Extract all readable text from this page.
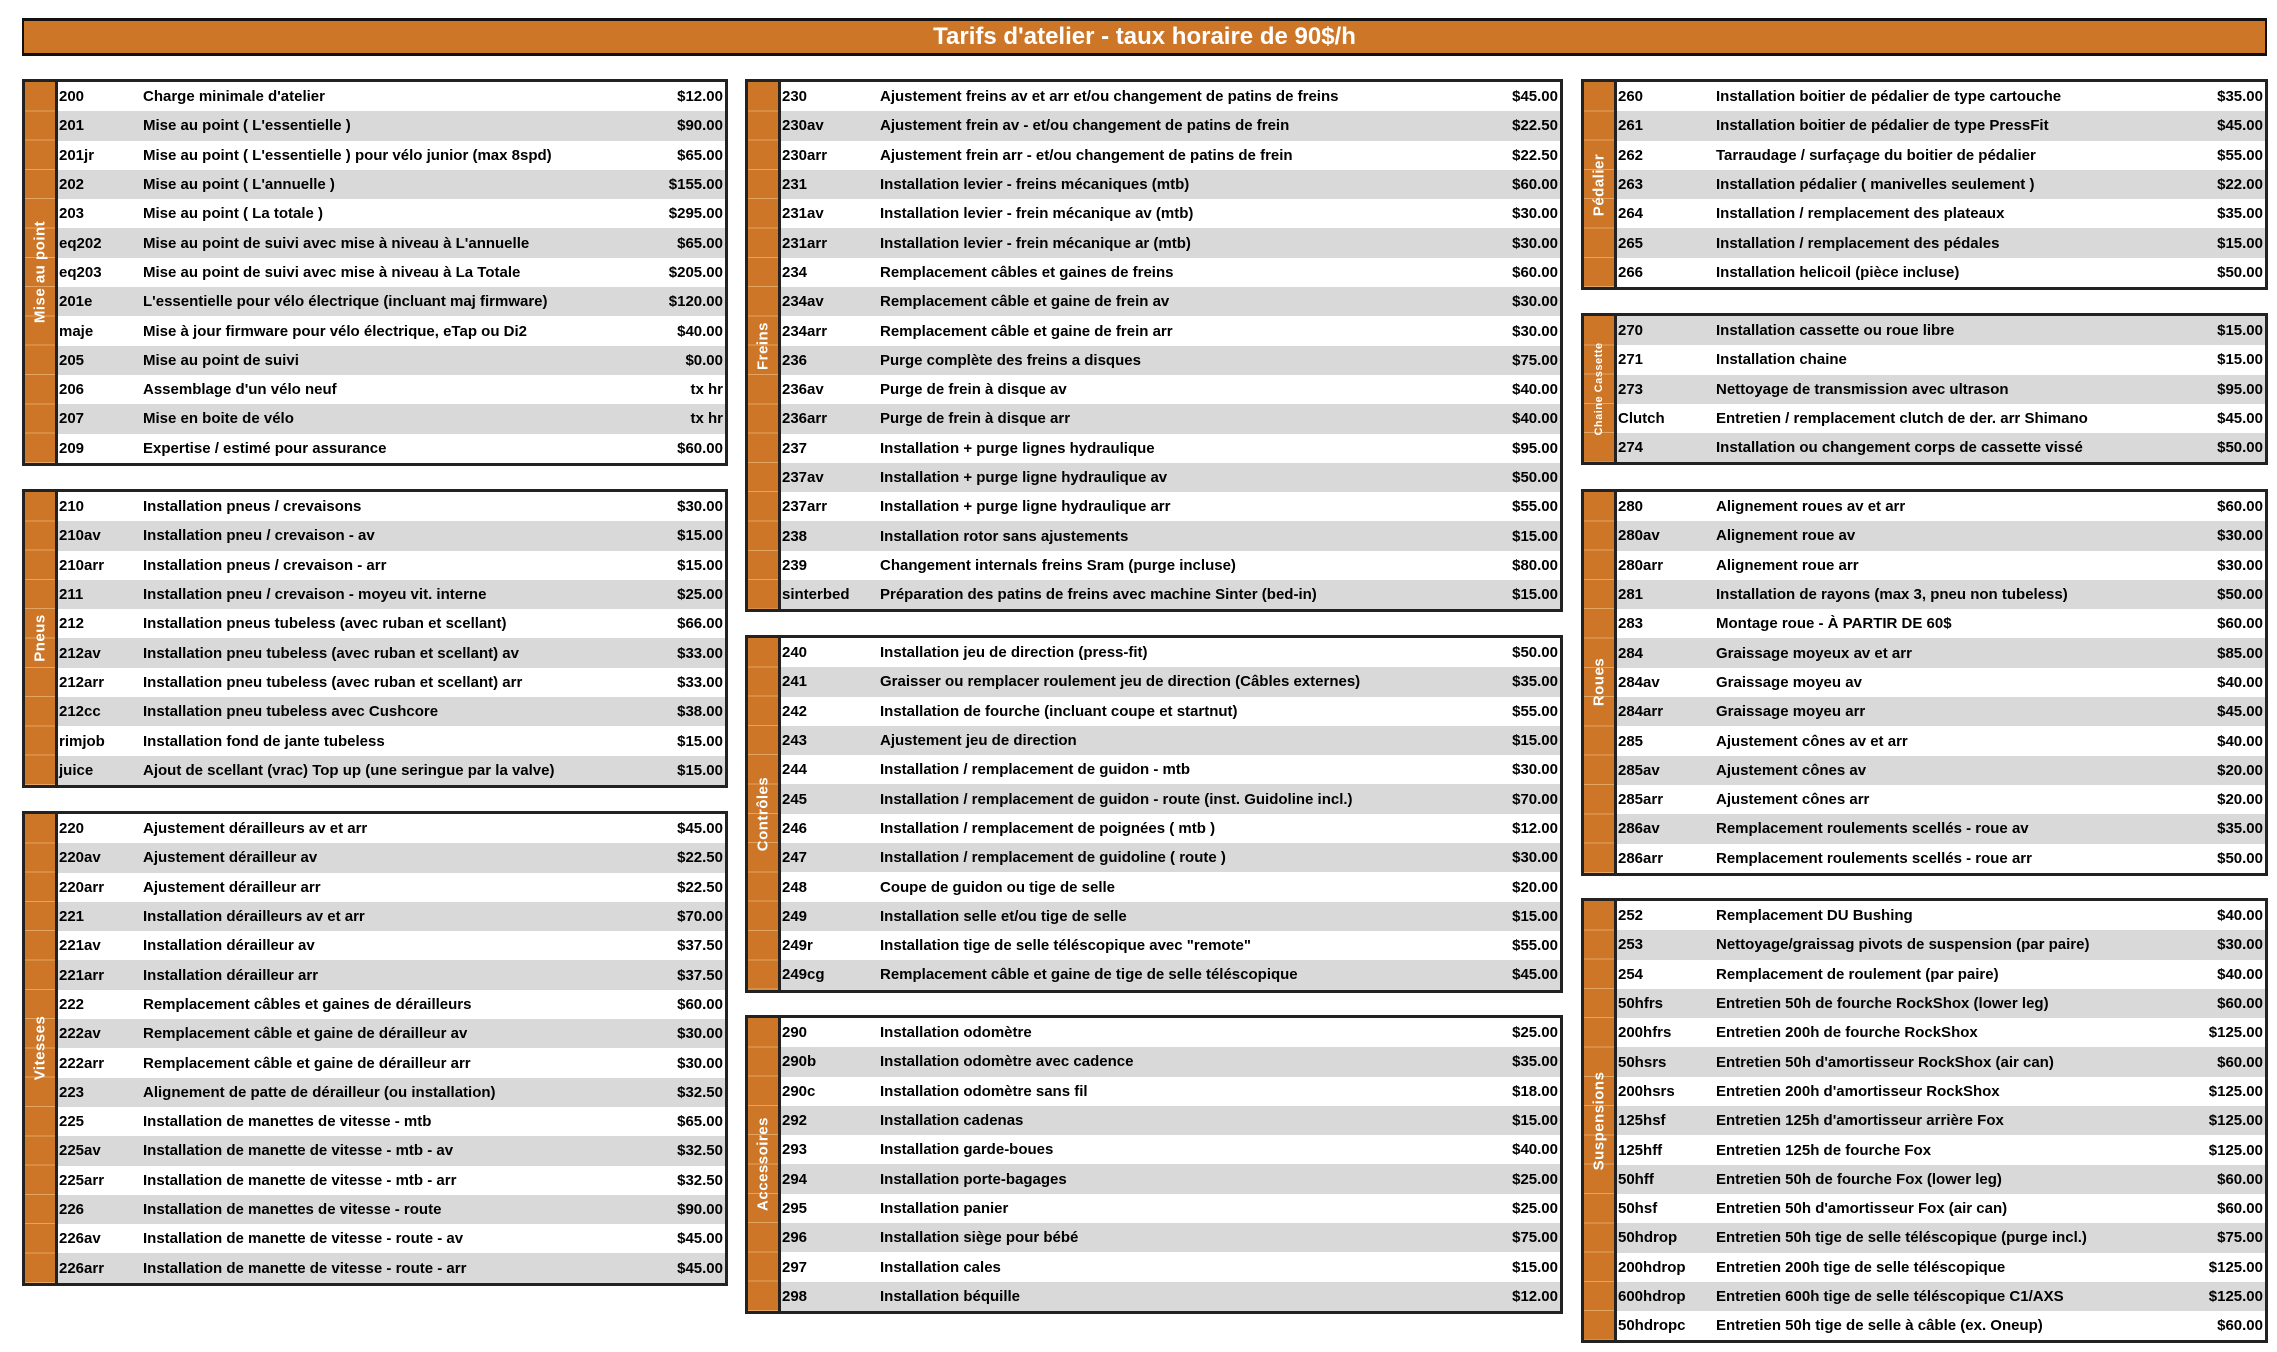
Tarifs d'atelier - taux horaire de 90$/h
Mise au point
200	Charge minimale d'atelier	$12.00
201	Mise au point ( L'essentielle )	$90.00
201jr	Mise au point ( L'essentielle ) pour vélo junior (max 8spd)	$65.00
202	Mise au point ( L'annuelle )	$155.00
203	Mise au point ( La totale )	$295.00
eq202	Mise au point de suivi avec mise à niveau à L'annuelle	$65.00
eq203	Mise au point de suivi avec mise à niveau à La Totale	$205.00
201e	L'essentielle pour vélo électrique (incluant maj firmware)	$120.00
maje	Mise à jour firmware pour vélo électrique, eTap ou Di2	$40.00
205	Mise au point de suivi	$0.00
206	Assemblage d'un vélo neuf	tx hr
207	Mise en boite de vélo	tx hr
209	Expertise / estimé pour assurance	$60.00
Pneus
210	Installation pneus / crevaisons	$30.00
210av	Installation pneu / crevaison - av	$15.00
210arr	Installation pneus / crevaison - arr	$15.00
211	Installation pneu / crevaison - moyeu vit. interne	$25.00
212	Installation pneus tubeless (avec ruban et scellant)	$66.00
212av	Installation pneu tubeless (avec ruban et scellant) av	$33.00
212arr	Installation pneu tubeless (avec ruban et scellant) arr	$33.00
212cc	Installation pneu tubeless avec Cushcore	$38.00
rimjob	Installation fond de jante tubeless	$15.00
juice	Ajout de scellant (vrac) Top up (une seringue par la valve)	$15.00
Vitesses
220	Ajustement dérailleurs av et arr	$45.00
220av	Ajustement dérailleur av	$22.50
220arr	Ajustement dérailleur arr	$22.50
221	Installation dérailleurs av et arr	$70.00
221av	Installation dérailleur av	$37.50
221arr	Installation dérailleur arr	$37.50
222	Remplacement câbles et gaines de dérailleurs	$60.00
222av	Remplacement câble et gaine de dérailleur av	$30.00
222arr	Remplacement câble et gaine de dérailleur arr	$30.00
223	Alignement de patte de dérailleur (ou installation)	$32.50
225	Installation de manettes de vitesse - mtb	$65.00
225av	Installation de manette de vitesse - mtb - av	$32.50
225arr	Installation de manette de vitesse - mtb - arr	$32.50
226	Installation de manettes de vitesse - route	$90.00
226av	Installation de manette de vitesse - route - av	$45.00
226arr	Installation de manette de vitesse - route - arr	$45.00
Freins
230	Ajustement freins av et arr et/ou changement de patins de freins	$45.00
230av	Ajustement frein av - et/ou changement de patins de frein	$22.50
230arr	Ajustement frein arr - et/ou changement de patins de frein	$22.50
231	Installation levier - freins mécaniques (mtb)	$60.00
231av	Installation levier - frein mécanique av (mtb)	$30.00
231arr	Installation levier - frein mécanique ar (mtb)	$30.00
234	Remplacement câbles et gaines de freins	$60.00
234av	Remplacement câble et gaine de frein av	$30.00
234arr	Remplacement câble et gaine de frein arr	$30.00
236	Purge complète des freins a disques	$75.00
236av	Purge de frein à disque av	$40.00
236arr	Purge de frein à disque arr	$40.00
237	Installation + purge lignes hydraulique	$95.00
237av	Installation + purge ligne hydraulique av	$50.00
237arr	Installation + purge ligne hydraulique arr	$55.00
238	Installation rotor sans ajustements	$15.00
239	Changement internals freins Sram (purge incluse)	$80.00
sinterbed	Préparation des patins de freins avec machine Sinter (bed-in)	$15.00
Contrôles
240	Installation jeu de direction (press-fit)	$50.00
241	Graisser ou remplacer roulement jeu de direction (Câbles externes)	$35.00
242	Installation de fourche (incluant coupe et startnut)	$55.00
243	Ajustement jeu de direction	$15.00
244	Installation / remplacement de guidon - mtb	$30.00
245	Installation / remplacement de guidon - route (inst. Guidoline incl.)	$70.00
246	Installation / remplacement de poignées ( mtb )	$12.00
247	Installation / remplacement de guidoline ( route )	$30.00
248	Coupe de guidon ou tige de selle	$20.00
249	Installation selle et/ou tige de selle	$15.00
249r	Installation tige de selle téléscopique avec "remote"	$55.00
249cg	Remplacement câble et gaine de tige de selle téléscopique	$45.00
Accessoires
290	Installation odomètre	$25.00
290b	Installation odomètre avec cadence	$35.00
290c	Installation odomètre sans fil	$18.00
292	Installation cadenas	$15.00
293	Installation garde-boues	$40.00
294	Installation porte-bagages	$25.00
295	Installation panier	$25.00
296	Installation siège pour bébé	$75.00
297	Installation cales	$15.00
298	Installation béquille	$12.00
Pédalier
260	Installation boitier de pédalier de type cartouche	$35.00
261	Installation boitier de pédalier de type PressFit	$45.00
262	Tarraudage / surfaçage du boitier de pédalier	$55.00
263	Installation pédalier ( manivelles seulement )	$22.00
264	Installation / remplacement des plateaux	$35.00
265	Installation / remplacement des pédales	$15.00
266	Installation helicoil (pièce incluse)	$50.00
Chaine Cassette
270	Installation cassette ou roue libre	$15.00
271	Installation chaine	$15.00
273	Nettoyage de transmission avec ultrason	$95.00
Clutch	Entretien / remplacement clutch de der. arr Shimano	$45.00
274	Installation ou changement corps de cassette vissé	$50.00
Roues
280	Alignement roues av et arr	$60.00
280av	Alignement roue av	$30.00
280arr	Alignement roue arr	$30.00
281	Installation de rayons (max 3, pneu non tubeless)	$50.00
283	Montage roue - À PARTIR DE 60$	$60.00
284	Graissage moyeux av et arr	$85.00
284av	Graissage moyeu av	$40.00
284arr	Graissage moyeu arr	$45.00
285	Ajustement cônes av et arr	$40.00
285av	Ajustement cônes av	$20.00
285arr	Ajustement cônes arr	$20.00
286av	Remplacement roulements scellés - roue av	$35.00
286arr	Remplacement roulements scellés - roue arr	$50.00
Suspensions
252	Remplacement DU Bushing	$40.00
253	Nettoyage/graissag pivots de suspension (par paire)	$30.00
254	Remplacement de roulement (par paire)	$40.00
50hfrs	Entretien 50h de fourche RockShox (lower leg)	$60.00
200hfrs	Entretien 200h de fourche RockShox	$125.00
50hsrs	Entretien 50h d'amortisseur RockShox (air can)	$60.00
200hsrs	Entretien 200h d'amortisseur RockShox	$125.00
125hsf	Entretien 125h d'amortisseur arrière Fox	$125.00
125hff	Entretien 125h de fourche Fox	$125.00
50hff	Entretien 50h de fourche Fox (lower leg)	$60.00
50hsf	Entretien 50h d'amortisseur Fox (air can)	$60.00
50hdrop	Entretien 50h tige de selle téléscopique (purge incl.)	$75.00
200hdrop	Entretien 200h tige de selle téléscopique	$125.00
600hdrop	Entretien 600h tige de selle téléscopique C1/AXS	$125.00
50hdropc	Entretien 50h tige de selle à câble (ex. Oneup)	$60.00
